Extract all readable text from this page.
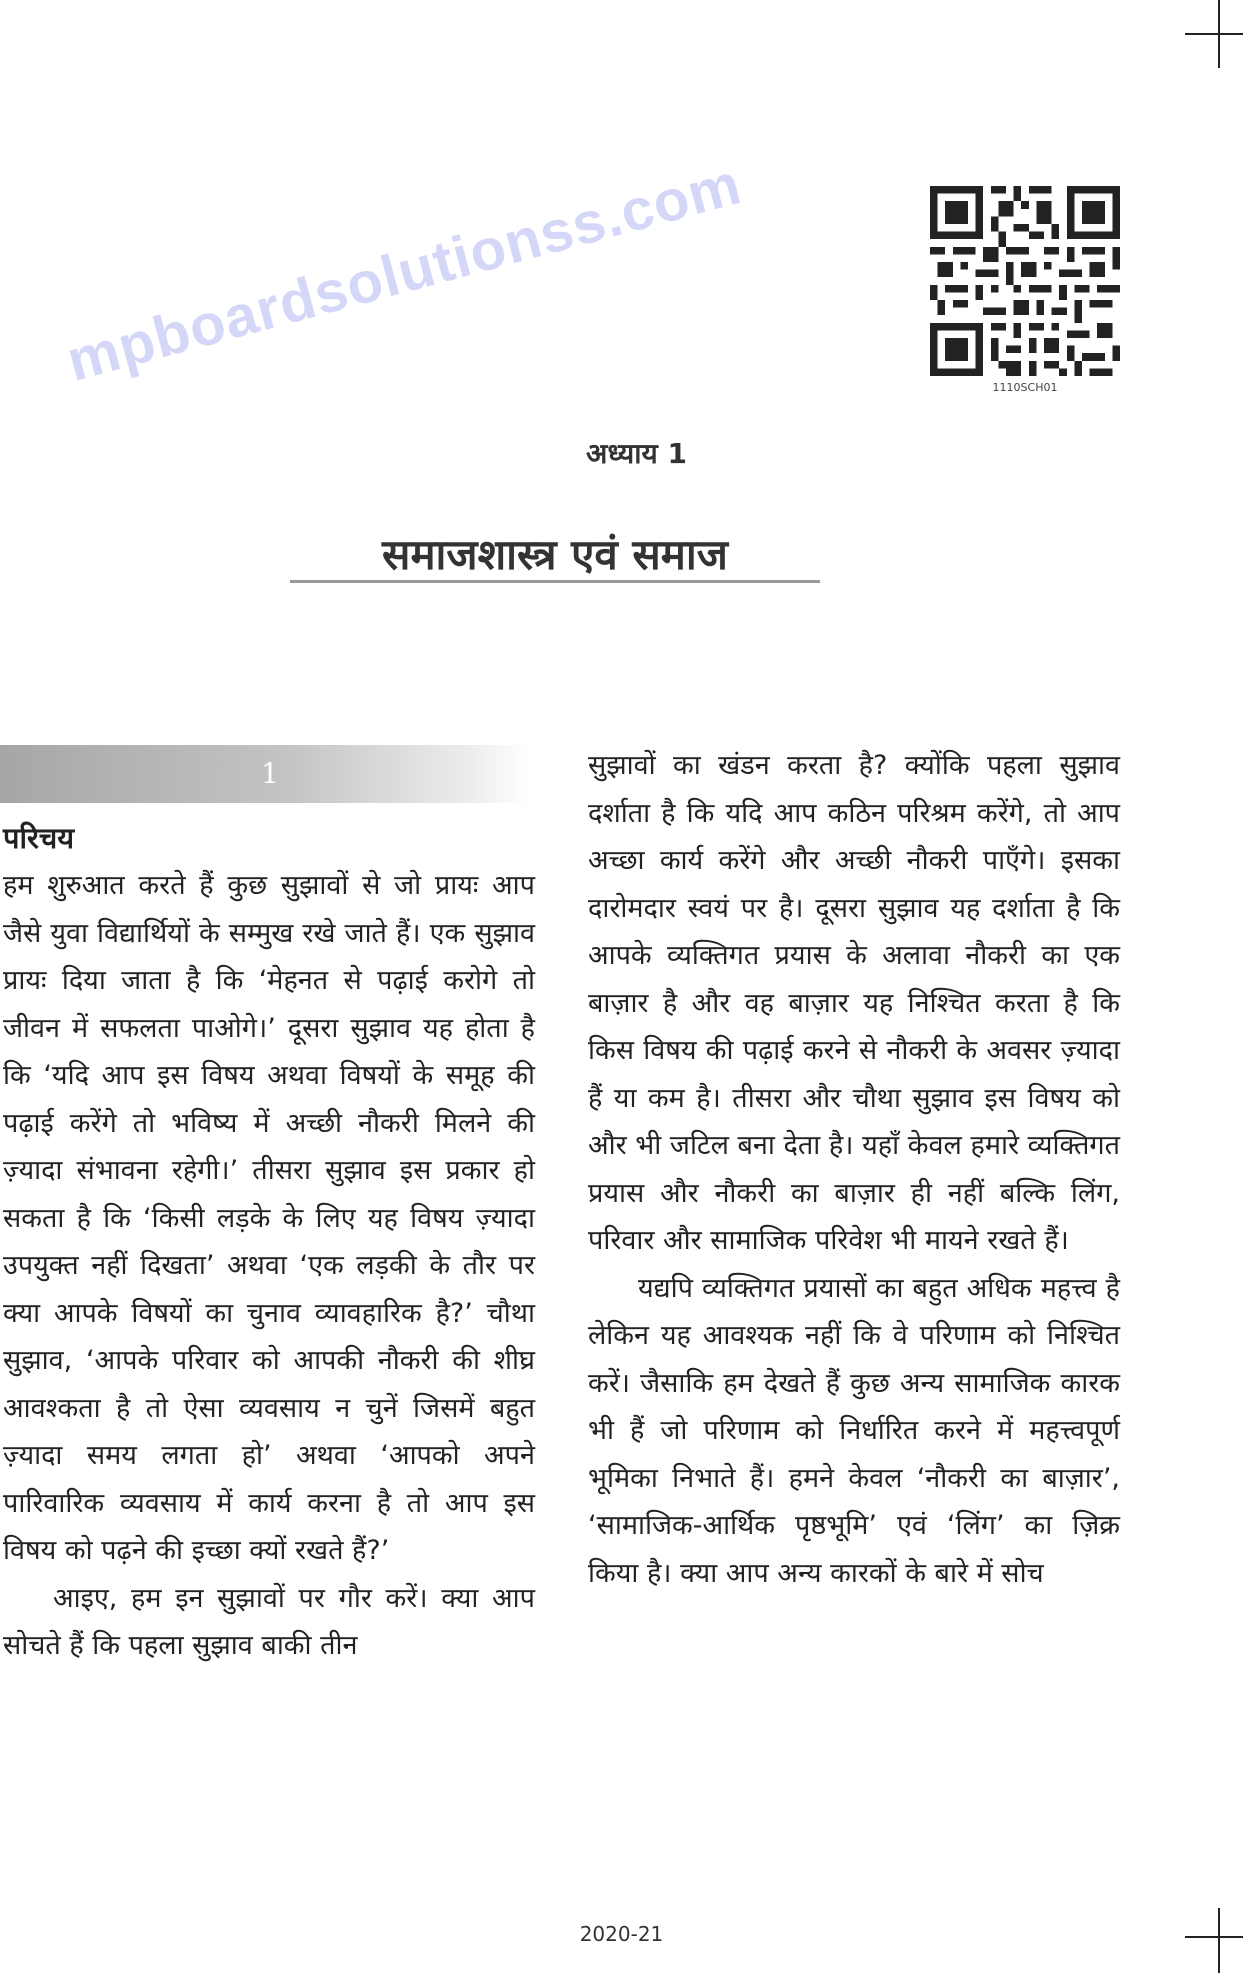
mpboardsolutionss.com	1110SCH01
अध्याय 1
समाजशास्त्र एवं समाज
1
परिचय

हम शुरुआत करते हैं कुछ सुझावों से जो प्रायः आप जैसे युवा विद्यार्थियों के सम्मुख रखे जाते हैं। एक सुझाव प्रायः दिया जाता है कि ‘मेहनत से पढ़ाई करोगे तो जीवन में सफलता पाओगे।’ दूसरा सुझाव यह होता है कि ‘यदि आप इस विषय अथवा विषयों के समूह की पढ़ाई करेंगे तो भविष्य में अच्छी नौकरी मिलने की ज़्यादा संभावना रहेगी।’ तीसरा सुझाव इस प्रकार हो सकता है कि ‘किसी लड़के के लिए यह विषय ज़्यादा उपयुक्त नहीं दिखता’ अथवा ‘एक लड़की के तौर पर क्या आपके विषयों का चुनाव व्यावहारिक है?’ चौथा सुझाव, ‘आपके परिवार को आपकी नौकरी की शीघ्र आवश्कता है तो ऐसा व्यवसाय न चुनें जिसमें बहुत ज़्यादा समय लगता हो’ अथवा ‘आपको अपने पारिवारिक व्यवसाय में कार्य करना है तो आप इस विषय को पढ़ने की इच्छा क्यों रखते हैं?’

आइए, हम इन सुझावों पर गौर करें। क्या आप सोचते हैं कि पहला सुझाव बाकी तीन

सुझावों का खंडन करता है? क्योंकि पहला सुझाव दर्शाता है कि यदि आप कठिन परिश्रम करेंगे, तो आप अच्छा कार्य करेंगे और अच्छी नौकरी पाएँगे। इसका दारोमदार स्वयं पर है। दूसरा सुझाव यह दर्शाता है कि आपके व्यक्तिगत प्रयास के अलावा नौकरी का एक बाज़ार है और वह बाज़ार यह निश्चित करता है कि किस विषय की पढ़ाई करने से नौकरी के अवसर ज़्यादा हैं या कम है। तीसरा और चौथा सुझाव इस विषय को और भी जटिल बना देता है। यहाँ केवल हमारे व्यक्तिगत प्रयास और नौकरी का बाज़ार ही नहीं बल्कि लिंग, परिवार और सामाजिक परिवेश भी मायने रखते हैं।

यद्यपि व्यक्तिगत प्रयासों का बहुत अधिक महत्त्व है लेकिन यह आवश्यक नहीं कि वे परिणाम को निश्चित करें। जैसाकि हम देखते हैं कुछ अन्य सामाजिक कारक भी हैं जो परिणाम को निर्धारित करने में महत्त्वपूर्ण भूमिका निभाते हैं। हमने केवल ‘नौकरी का बाज़ार’, ‘सामाजिक-आर्थिक पृष्ठभूमि’ एवं ‘लिंग’ का ज़िक्र किया है। क्या आप अन्य कारकों के बारे में सोच

2020-21
